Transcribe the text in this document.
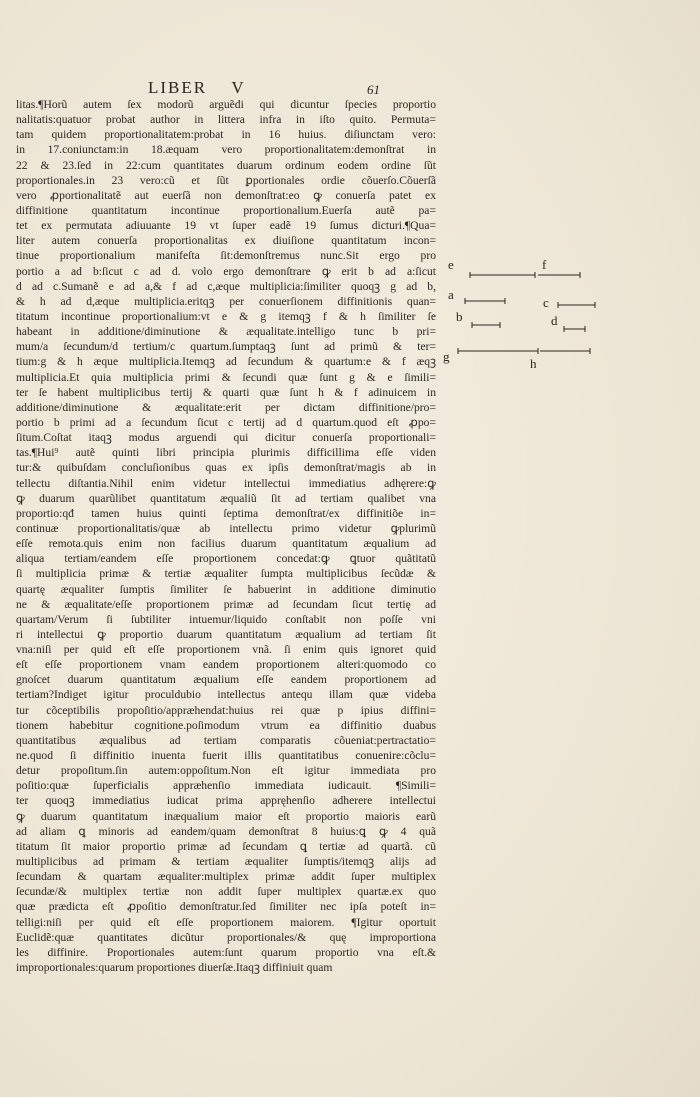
LIBER V	61
litas.¶Horũ autem ſex modorũ arguẽdi qui dicuntur ſpecies proportio
nalitatis:quatuor probat author in littera infra in iſto quito. Permuta=
tam quidem proportionalitatem:probat in 16 huius. diſiunctam vero:
in 17.coniunctam:in 18.æquam vero proportionalitatem:demonſtrat in
22 & 23.ſed in 22:cum quantitates duarum ordinum eodem ordine ſũt
proportionales.in 23 vero:cũ et ſũt ꝑportionales ordie cõuerſo.Cõuerſã
vero ꝓportionalitatẽ aut euerſã non demonſtrat:eo ꝙ conuerſa patet ex
diffinitione quantitatum incontinue proportionalium.Euerſa autẽ pa=
tet ex permutata adiuuante 19 vt ſuper eadẽ 19 ſumus dicturi.¶Qua=
liter autem conuerſa proportionalitas ex diuiſione quantitatum incon=
tinue proportionalium manifeſta ſit:demonſtremus nunc.Sit ergo pro
portio a ad b:ſicut c ad d. volo ergo demonſtrare ꝙ erit b ad a:ſicut
d ad c.Sumanẽ e ad a,& f ad c,æque multiplicia:ſimiliter quoqꝫ g ad b,
& h ad d,æque multiplicia.eritqꝫ per conuerſionem diffinitionis quan=
titatum incontinue proportionalium:vt e & g itemqꝫ f & h ſimiliter ſe
habeant in additione/diminutione & æqualitate.intelligo tunc b pri=
mum/a ſecundum/d tertium/c quartum.ſumptaqꝫ ſunt ad primũ & ter=
tium:g & h æque multiplicia.Itemqꝫ ad ſecundum & quartum:e & f æqꝫ
multiplicia.Et quia multiplicia primi & ſecundi quæ ſunt g & e ſimili=
ter ſe habent multiplicibus tertij & quarti quæ ſunt h & f adinuicem in
additione/diminutione & æqualitate:erit per dictam diffinitione/pro=
portio b primi ad a ſecundum ſicut c tertij ad d quartum.quod eſt ꝓpo=
ſitum.Coſtat itaqꝫ modus arguendi qui dicitur conuerſa proportionali=
tas.¶Hui⁹ autẽ quinti libri principia plurimis difficillima eſſe viden
tur:& quibuſdam concluſionibus quas ex ipſis demonſtrat/magis ab in
tellectu diſtantia.Nihil enim videtur intellectui immediatius adhęrere:ꝙ
ꝙ duarum quarũlibet quantitatum æqualiũ ſit ad tertiam qualibet vna
proportio:qđ tamen huius quinti ſeptima demonſtrat/ex diffinitiõe in=
continuæ proportionalitatis/quæ ab intellectu primo videtur ꝙplurimũ
eſſe remota.quis enim non facilius duarum quantitatum æqualium ad
aliqua tertiam/eandem eſſe proportionem concedat:ꝙ ꝗtuor quãtitatũ
ſi multiplicia primæ & tertiæ æqualiter ſumpta multiplicibus ſecũdæ &
quartę æqualiter ſumptis ſimiliter ſe habuerint in additione diminutio
ne & æqualitate/eſſe proportionem primæ ad ſecundam ſicut tertię ad
quartam/Verum ſi ſubtiliter intuemur/liquido conſtabit non poſſe vni
ri intellectui ꝙ proportio duarum quantitatum æqualium ad tertiam ſit
vna:niſi per quid eſt eſſe proportionem vnã. ſi enim quis ignoret quid
eſt eſſe proportionem vnam eandem proportionem alteri:quomodo co
gnoſcet duarum quantitatum æqualium eſſe eandem proportionem ad
tertiam?Indiget igitur proculdubio intellectus antequ illam quæ videba
tur cõceptibilis propoſitio/appræhendat:huius rei quæ p ipius diffini=
tionem habebitur cognitione.poſimodum vtrum ea diffinitio duabus
quantitatibus æqualibus ad tertiam comparatis cõueniat:pertractatio=
ne.quod ſi diffinitio inuenta fuerit illis quantitatibus conuenire:cõclu=
detur propoſitum.ſin autem:oppoſitum.Non eſt igitur immediata pro
poſitio:quæ ſuperficialis appræhenſio immediata iudicauit. ¶Simili=
ter quoqꝫ immediatius iudicat prima appręhenſio adherere intellectui
ꝙ duarum quantitatum inæqualium maior eſt proportio maioris earũ
ad aliam ꝗ minoris ad eandem/quam demonſtrat 8 huius:ꝗ ꝙ 4 quã
titatum ſit maior proportio primæ ad ſecundam ꝗ tertiæ ad quartã. cũ
multiplicibus ad primam & tertiam æqualiter ſumptis/itemqꝫ alijs ad
ſecundam & quartam æqualiter:multiplex primæ addit ſuper multiplex
ſecundæ/& multiplex tertiæ non addit ſuper multiplex quartæ.ex quo
quæ prædicta eſt ꝓpoſitio demonſtratur.ſed ſimiliter nec ipſa poteſt in=
telligi:niſi per quid eſt eſſe proportionem maiorem. ¶Igitur oportuit
Euclidẽ:quæ quantitates dicũtur proportionales/& quę improportiona
les diffinire. Proportionales autem:ſunt quarum proportio vna eſt.&
improportionales:quarum proportiones diuerſæ.Itaqꝫ diffiniuit quam
e	f
a
c
b	d
g	h
